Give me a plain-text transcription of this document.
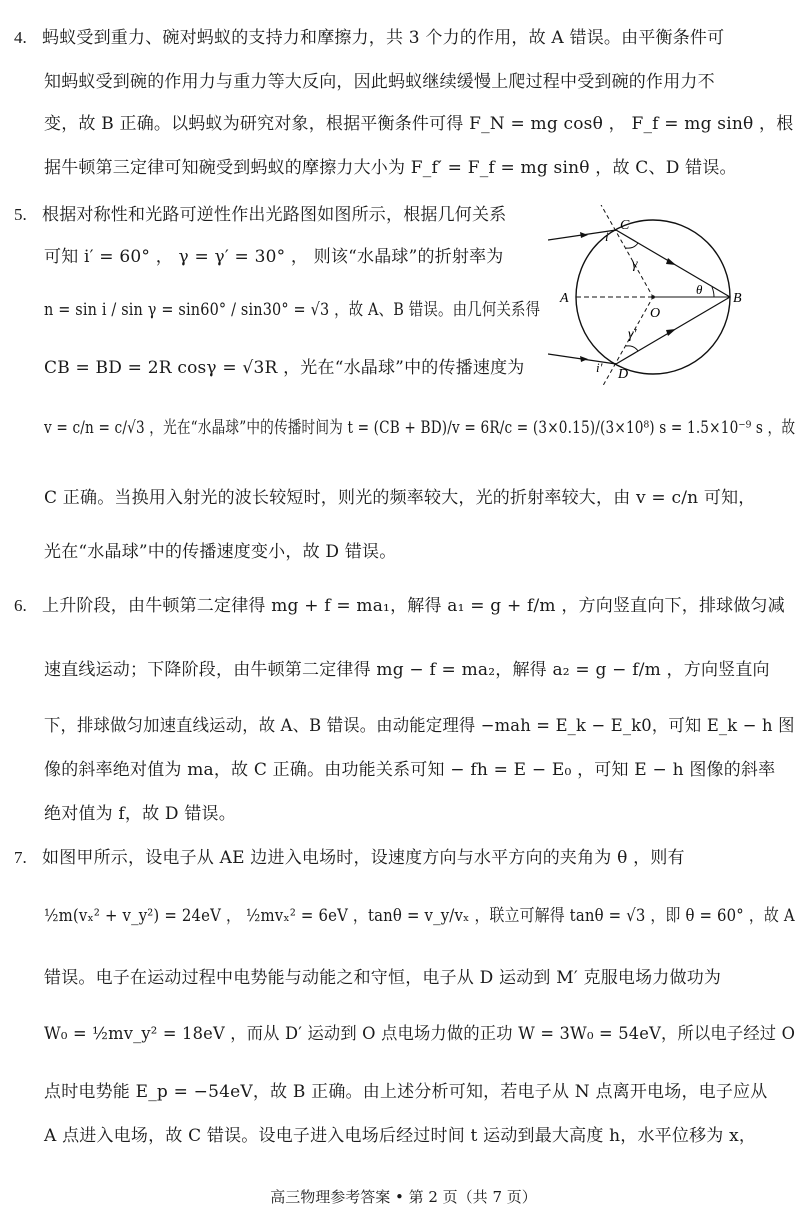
4. 蚂蚁受到重力、碗对蚂蚁的支持力和摩擦力，共 3 个力的作用，故 A 错误。由平衡条件可
知蚂蚁受到碗的作用力与重力等大反向，因此蚂蚁继续缓慢上爬过程中受到碗的作用力不
变，故 B 正确。以蚂蚁为研究对象，根据平衡条件可得 F_N = mg cosθ ， F_f = mg sinθ ，根
据牛顿第三定律可知碗受到蚂蚁的摩擦力大小为 F_f′ = F_f = mg sinθ ，故 C、D 错误。
5. 根据对称性和光路可逆性作出光路图如图所示，根据几何关系
可知 i′ = 60° ， γ = γ′ = 30° ， 则该“水晶球”的折射率为
n = sin i / sin γ = sin60° / sin30° = √3 ，故 A、B 错误。由几何关系得
CB = BD = 2R cosγ = √3R ，光在“水晶球”中的传播速度为
v = c/n = c/√3 ，光在“水晶球”中的传播时间为 t = (CB + BD)/v = 6R/c = (3×0.15)/(3×10⁸) s = 1.5×10⁻⁹ s ，故
C 正确。当换用入射光的波长较短时，则光的频率较大，光的折射率较大，由 v = c/n 可知，
光在“水晶球”中的传播速度变小，故 D 错误。
C
i
γ
A
O
θ
B
γ′
i′ D
6. 上升阶段，由牛顿第二定律得 mg + f = ma₁，解得 a₁ = g + f/m ，方向竖直向下，排球做匀减
速直线运动；下降阶段，由牛顿第二定律得 mg − f = ma₂，解得 a₂ = g − f/m ，方向竖直向
下，排球做匀加速直线运动，故 A、B 错误。由动能定理得 −mah = E_k − E_k0，可知 E_k − h 图
像的斜率绝对值为 ma，故 C 正确。由功能关系可知 − fh = E − E₀ ，可知 E − h 图像的斜率
绝对值为 f，故 D 错误。
7. 如图甲所示，设电子从 AE 边进入电场时，设速度方向与水平方向的夹角为 θ ，则有
½m(vₓ² + v_y²) = 24eV ， ½mvₓ² = 6eV ，tanθ = v_y/vₓ ，联立可解得 tanθ = √3 ，即 θ = 60° ，故 A
错误。电子在运动过程中电势能与动能之和守恒，电子从 D 运动到 M′ 克服电场力做功为
W₀ = ½mv_y² = 18eV ，而从 D′ 运动到 O 点电场力做的正功 W = 3W₀ = 54eV，所以电子经过 O
点时电势能 E_p = −54eV，故 B 正确。由上述分析可知，若电子从 N 点离开电场，电子应从
A 点进入电场，故 C 错误。设电子进入电场后经过时间 t 运动到最大高度 h，水平位移为 x，
高三物理参考答案 • 第 2 页（共 7 页）
